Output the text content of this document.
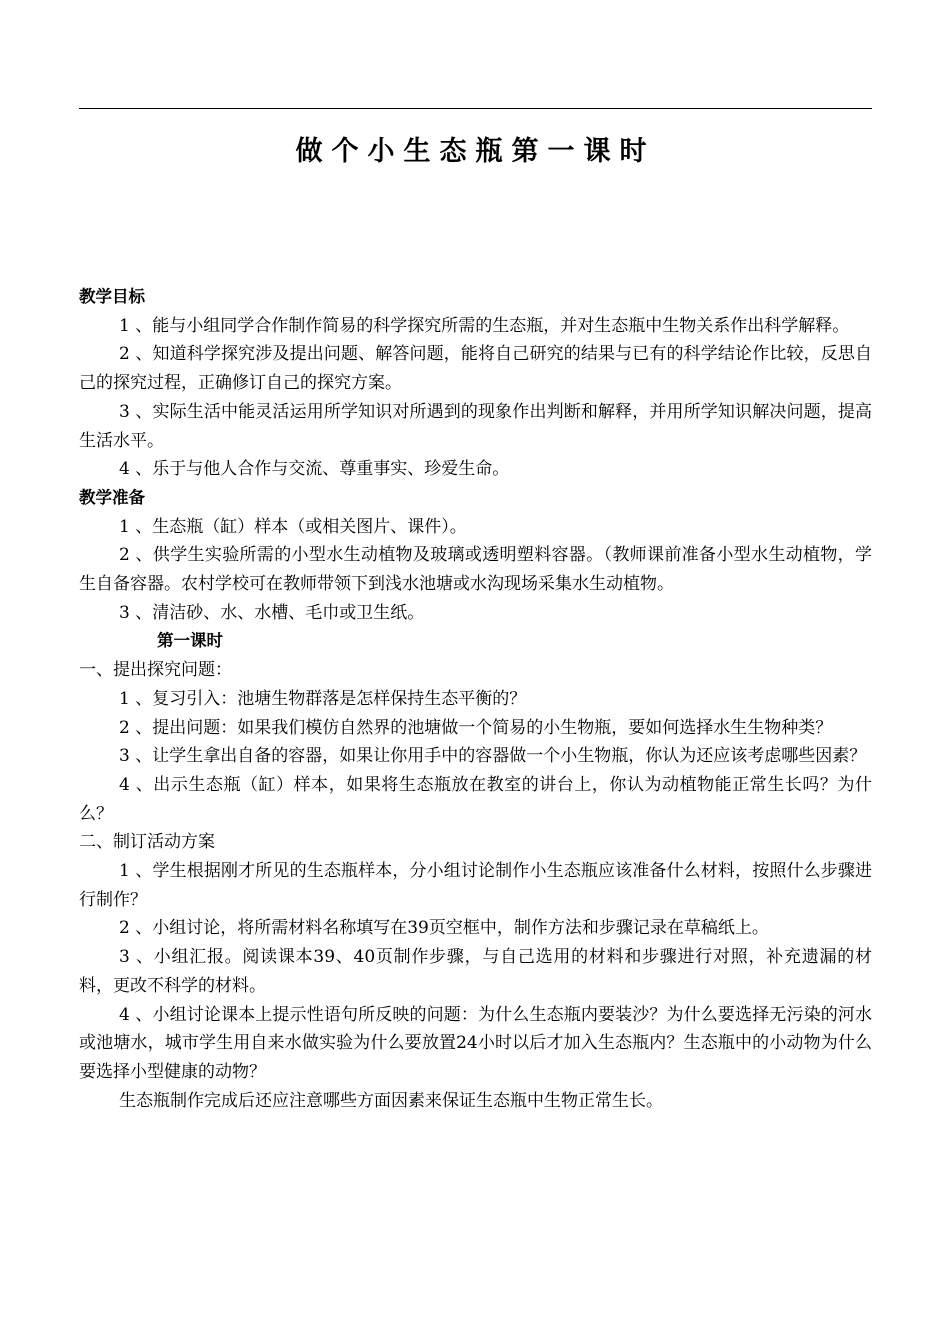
做个小生态瓶第一课时

教学目标

1 、能与小组同学合作制作简易的科学探究所需的生态瓶，并对生态瓶中生物关系作出科学解释。

2 、知道科学探究涉及提出问题、解答问题，能将自己研究的结果与已有的科学结论作比较，反思自己的探究过程，正确修订自己的探究方案。

3 、实际生活中能灵活运用所学知识对所遇到的现象作出判断和解释，并用所学知识解决问题，提高生活水平。

4 、乐于与他人合作与交流、尊重事实、珍爱生命。

教学准备

1 、生态瓶（缸）样本（或相关图片、课件）。

2 、供学生实验所需的小型水生动植物及玻璃或透明塑料容器。（教师课前准备小型水生动植物，学生自备容器。农村学校可在教师带领下到浅水池塘或水沟现场采集水生动植物。

3 、清洁砂、水、水槽、毛巾或卫生纸。

第一课时

一、提出探究问题：

1 、复习引入：池塘生物群落是怎样保持生态平衡的？

2 、提出问题：如果我们模仿自然界的池塘做一个简易的小生物瓶，要如何选择水生生物种类？

3 、让学生拿出自备的容器，如果让你用手中的容器做一个小生物瓶，你认为还应该考虑哪些因素？

4 、出示生态瓶（缸）样本，如果将生态瓶放在教室的讲台上，你认为动植物能正常生长吗？为什么？

二、制订活动方案

1 、学生根据刚才所见的生态瓶样本，分小组讨论制作小生态瓶应该准备什么材料，按照什么步骤进行制作？

2 、小组讨论，将所需材料名称填写在39页空框中，制作方法和步骤记录在草稿纸上。

3 、小组汇报。阅读课本39、40页制作步骤，与自己选用的材料和步骤进行对照，补充遗漏的材料，更改不科学的材料。

4 、小组讨论课本上提示性语句所反映的问题：为什么生态瓶内要装沙？为什么要选择无污染的河水或池塘水，城市学生用自来水做实验为什么要放置24小时以后才加入生态瓶内？生态瓶中的小动物为什么要选择小型健康的动物？

生态瓶制作完成后还应注意哪些方面因素来保证生态瓶中生物正常生长。
